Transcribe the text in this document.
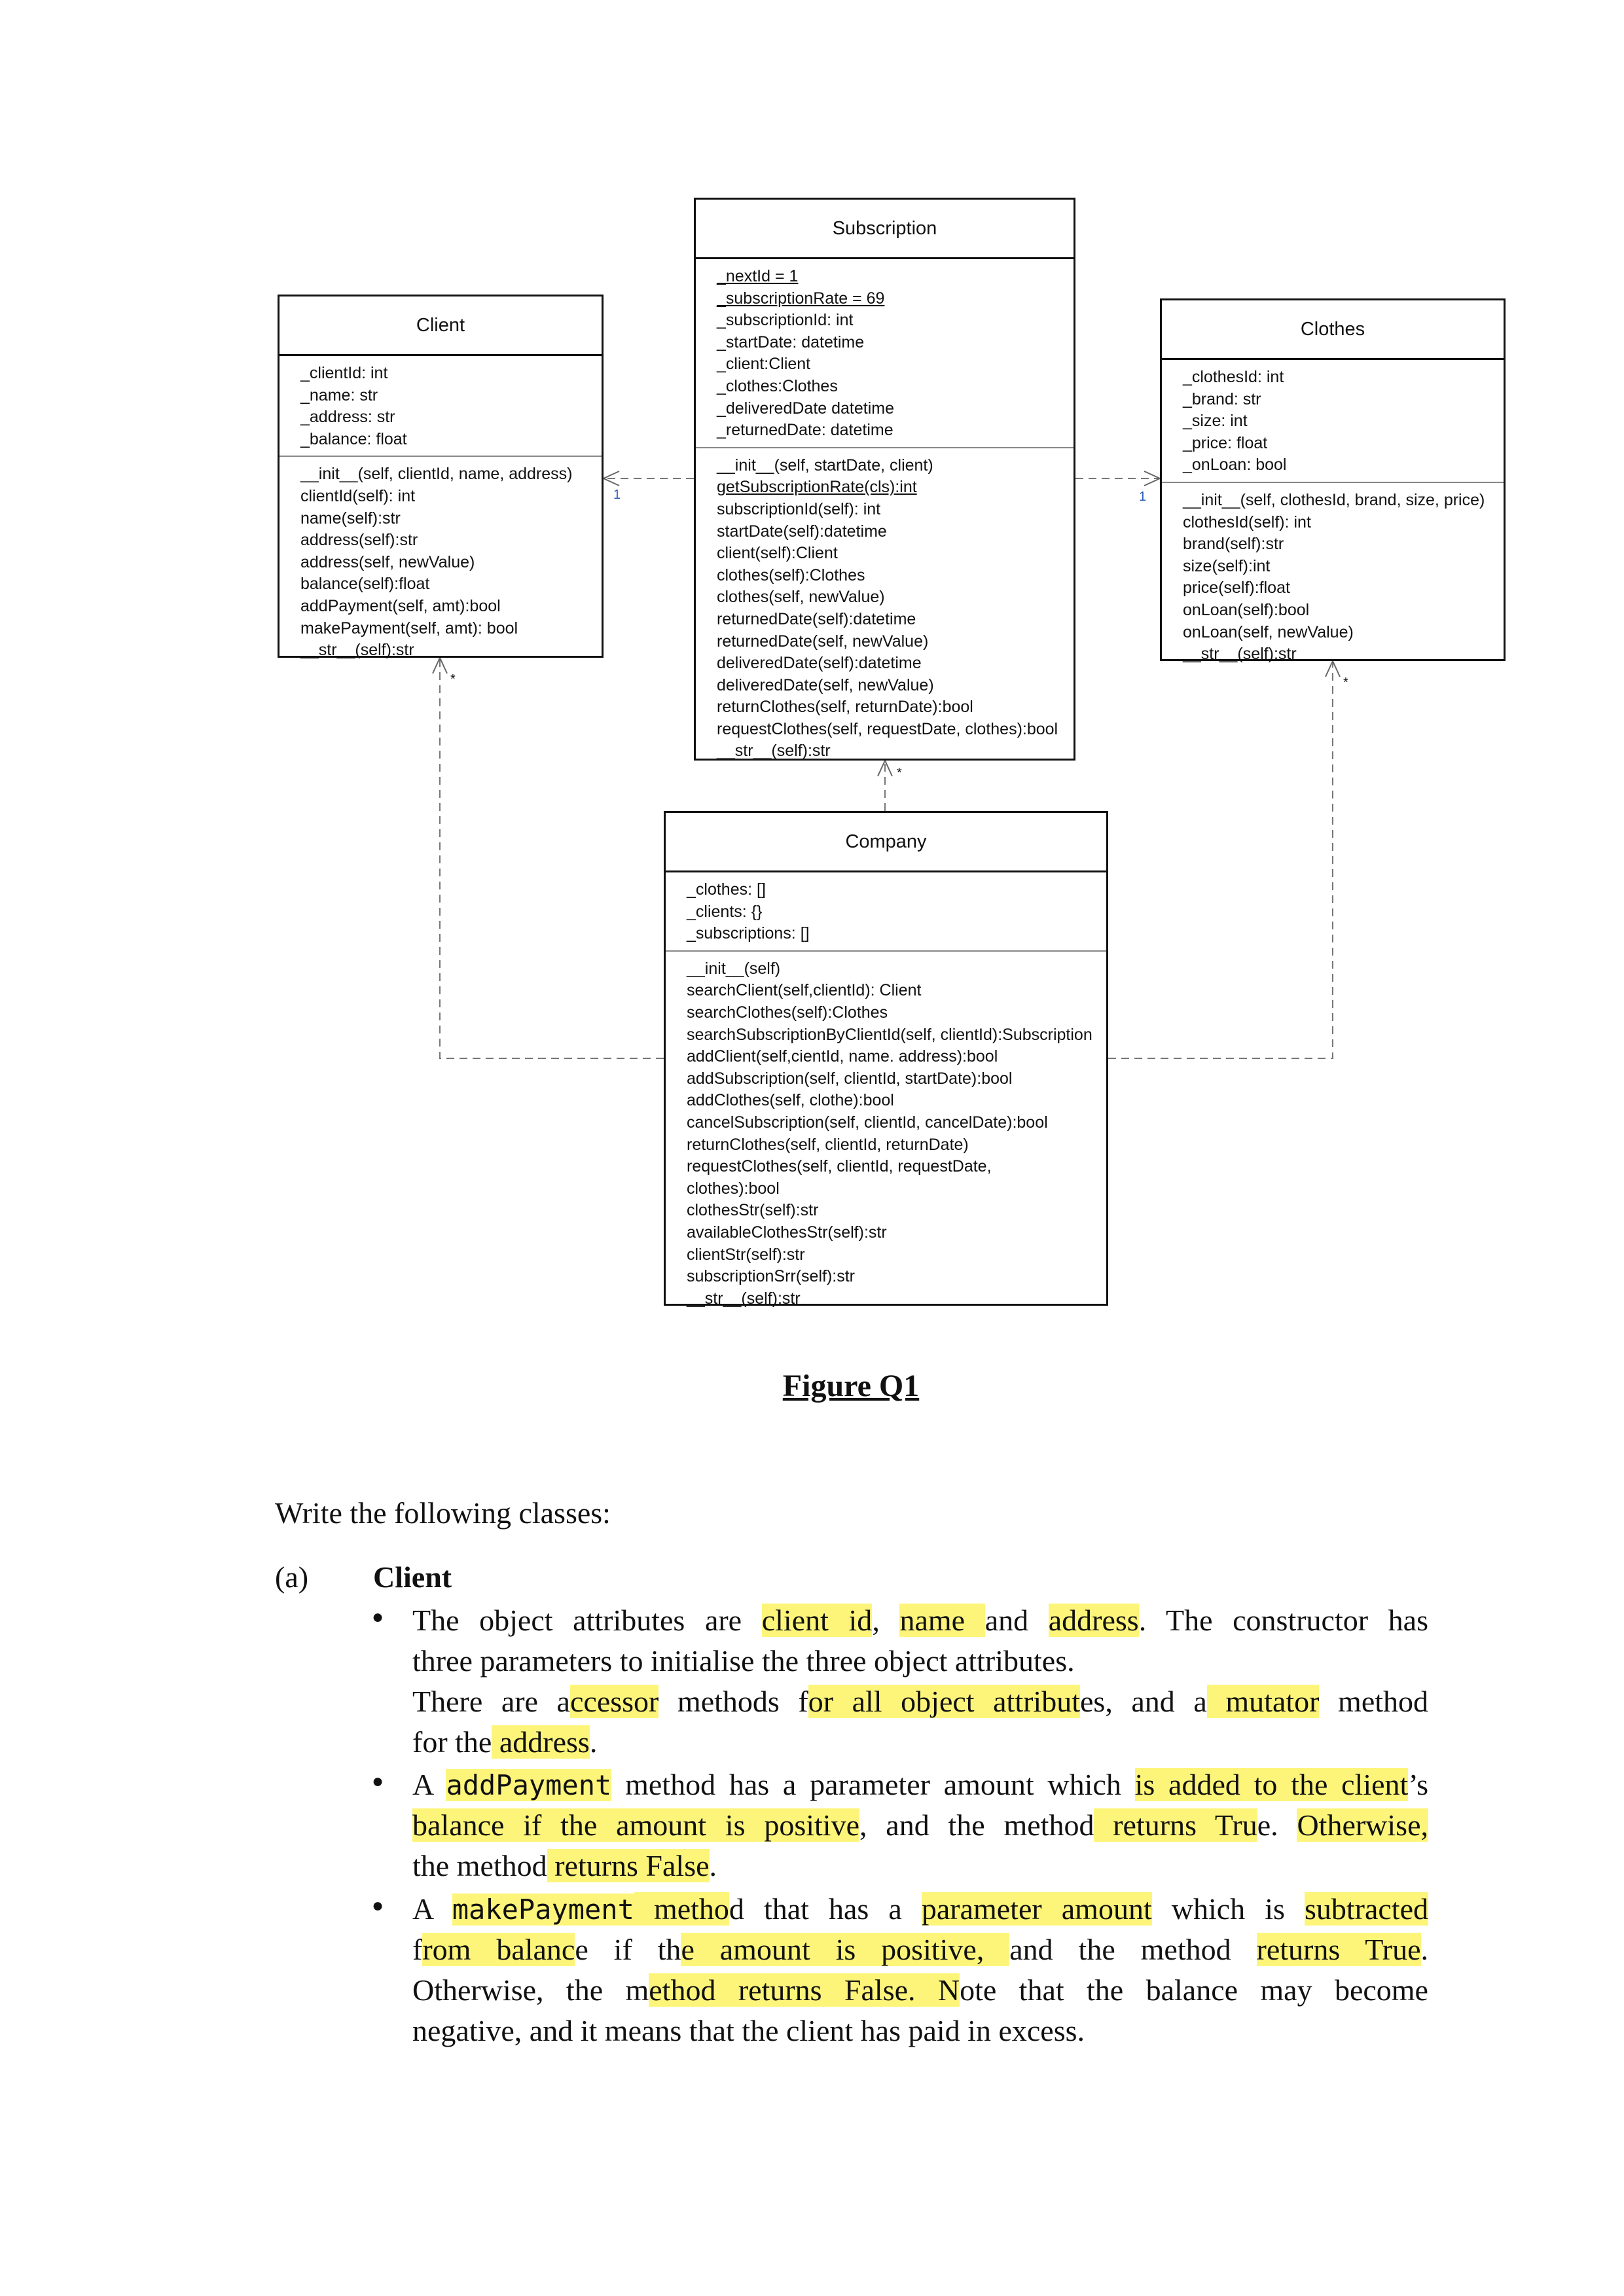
1	1
*
*
*
Subscription
_nextId = 1
_subscriptionRate = 69
_subscriptionId: int
_startDate: datetime
_client:Client
_clothes:Clothes
_deliveredDate datetime
_returnedDate: datetime
__init__(self, startDate, client)
getSubscriptionRate(cls):int
subscriptionId(self): int
startDate(self):datetime
client(self):Client
clothes(self):Clothes
clothes(self, newValue)
returnedDate(self):datetime
returnedDate(self, newValue)
deliveredDate(self):datetime
deliveredDate(self, newValue)
returnClothes(self, returnDate):bool
requestClothes(self, requestDate, clothes):bool
__str__(self):str
Client
_clientId: int
_name: str
_address: str
_balance: float
__init__(self, clientId, name, address)
clientId(self): int
name(self):str
address(self):str
address(self, newValue)
balance(self):float
addPayment(self, amt):bool
makePayment(self, amt): bool
__str__(self):str
Clothes
_clothesId: int
_brand: str
_size: int
_price: float
_onLoan: bool
__init__(self, clothesId, brand, size, price)
clothesId(self): int
brand(self):str
size(self):int
price(self):float
onLoan(self):bool
onLoan(self, newValue)
__str__(self):str
Company
_clothes: []
_clients: {}
_subscriptions: []
__init__(self)
searchClient(self,clientId): Client
searchClothes(self):Clothes
searchSubscriptionByClientId(self, clientId):Subscription
addClient(self,cientId, name. address):bool
addSubscription(self, clientId, startDate):bool
addClothes(self, clothe):bool
cancelSubscription(self, clientId, cancelDate):bool
returnClothes(self, clientId, returnDate)
requestClothes(self, clientId, requestDate,
clothes):bool
clothesStr(self):str
availableClothesStr(self):str
clientStr(self):str
subscriptionSrr(self):str
__str__(self):str
Figure Q1
Write the following classes:
(a) Client
● The object attributes are client id, name and address. The constructor has
three parameters to initialise the three object attributes.
There are accessor methods for all object attributes, and a mutator method
for the address.
● A addPayment method has a parameter amount which is added to the client’s
balance if the amount is positive, and the method returns True. Otherwise,
the method returns False.
● A makePayment method that has a parameter amount which is subtracted
from balance if the amount is positive, and the method returns True.
Otherwise, the method returns False. Note that the balance may become
negative, and it means that the client has paid in excess.
